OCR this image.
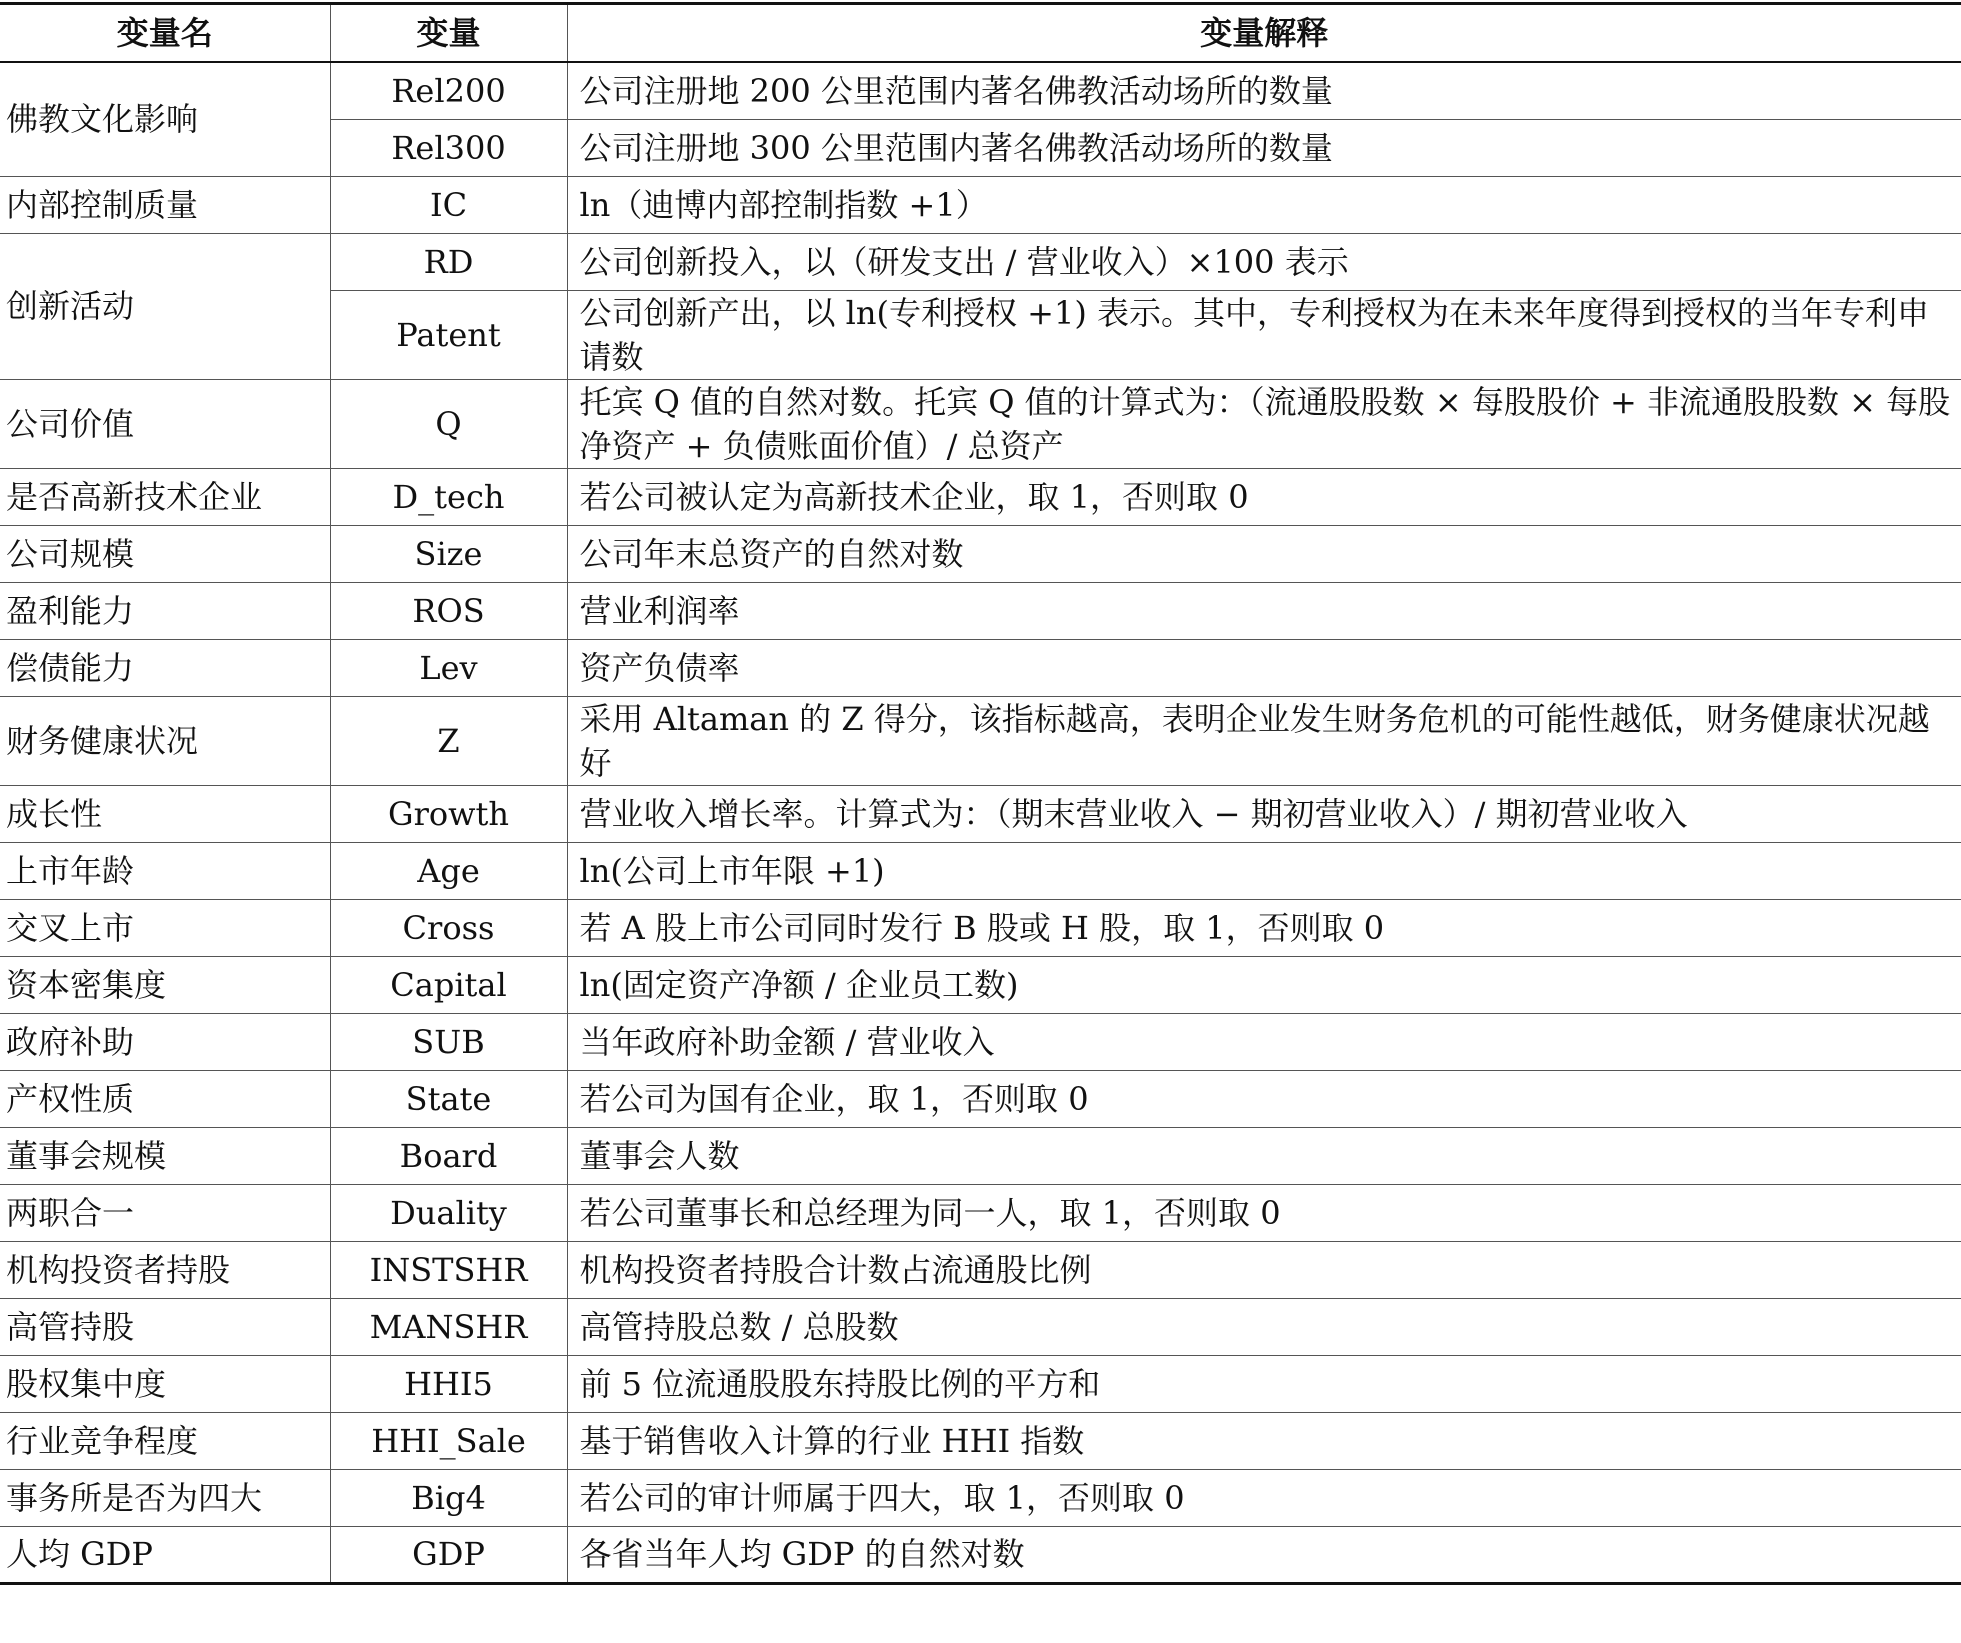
变量名	变量	变量解释
佛教文化影响	Rel200	公司注册地 200 公里范围内著名佛教活动场所的数量
	Rel300	公司注册地 300 公里范围内著名佛教活动场所的数量
内部控制质量	IC	ln（迪博内部控制指数 +1）
创新活动	RD	公司创新投入，以（研发支出 / 营业收入）×100 表示
	Patent	公司创新产出，以 ln(专利授权 +1) 表示。其中，专利授权为在未来年度得到授权的当年专利申请数
公司价值	Q	托宾 Q 值的自然对数。托宾 Q 值的计算式为：（流通股股数 × 每股股价 + 非流通股股数 × 每股净资产 + 负债账面价值）/ 总资产
是否高新技术企业	D_tech	若公司被认定为高新技术企业，取 1，否则取 0
公司规模	Size	公司年末总资产的自然对数
盈利能力	ROS	营业利润率
偿债能力	Lev	资产负债率
财务健康状况	Z	采用 Altaman 的 Z 得分，该指标越高，表明企业发生财务危机的可能性越低，财务健康状况越好
成长性	Growth	营业收入增长率。计算式为：（期末营业收入 − 期初营业收入）/ 期初营业收入
上市年龄	Age	ln(公司上市年限 +1)
交叉上市	Cross	若 A 股上市公司同时发行 B 股或 H 股，取 1，否则取 0
资本密集度	Capital	ln(固定资产净额 / 企业员工数)
政府补助	SUB	当年政府补助金额 / 营业收入
产权性质	State	若公司为国有企业，取 1，否则取 0
董事会规模	Board	董事会人数
两职合一	Duality	若公司董事长和总经理为同一人，取 1，否则取 0
机构投资者持股	INSTSHR	机构投资者持股合计数占流通股比例
高管持股	MANSHR	高管持股总数 / 总股数
股权集中度	HHI5	前 5 位流通股股东持股比例的平方和
行业竞争程度	HHI_Sale	基于销售收入计算的行业 HHI 指数
事务所是否为四大	Big4	若公司的审计师属于四大，取 1，否则取 0
人均 GDP	GDP	各省当年人均 GDP 的自然对数
